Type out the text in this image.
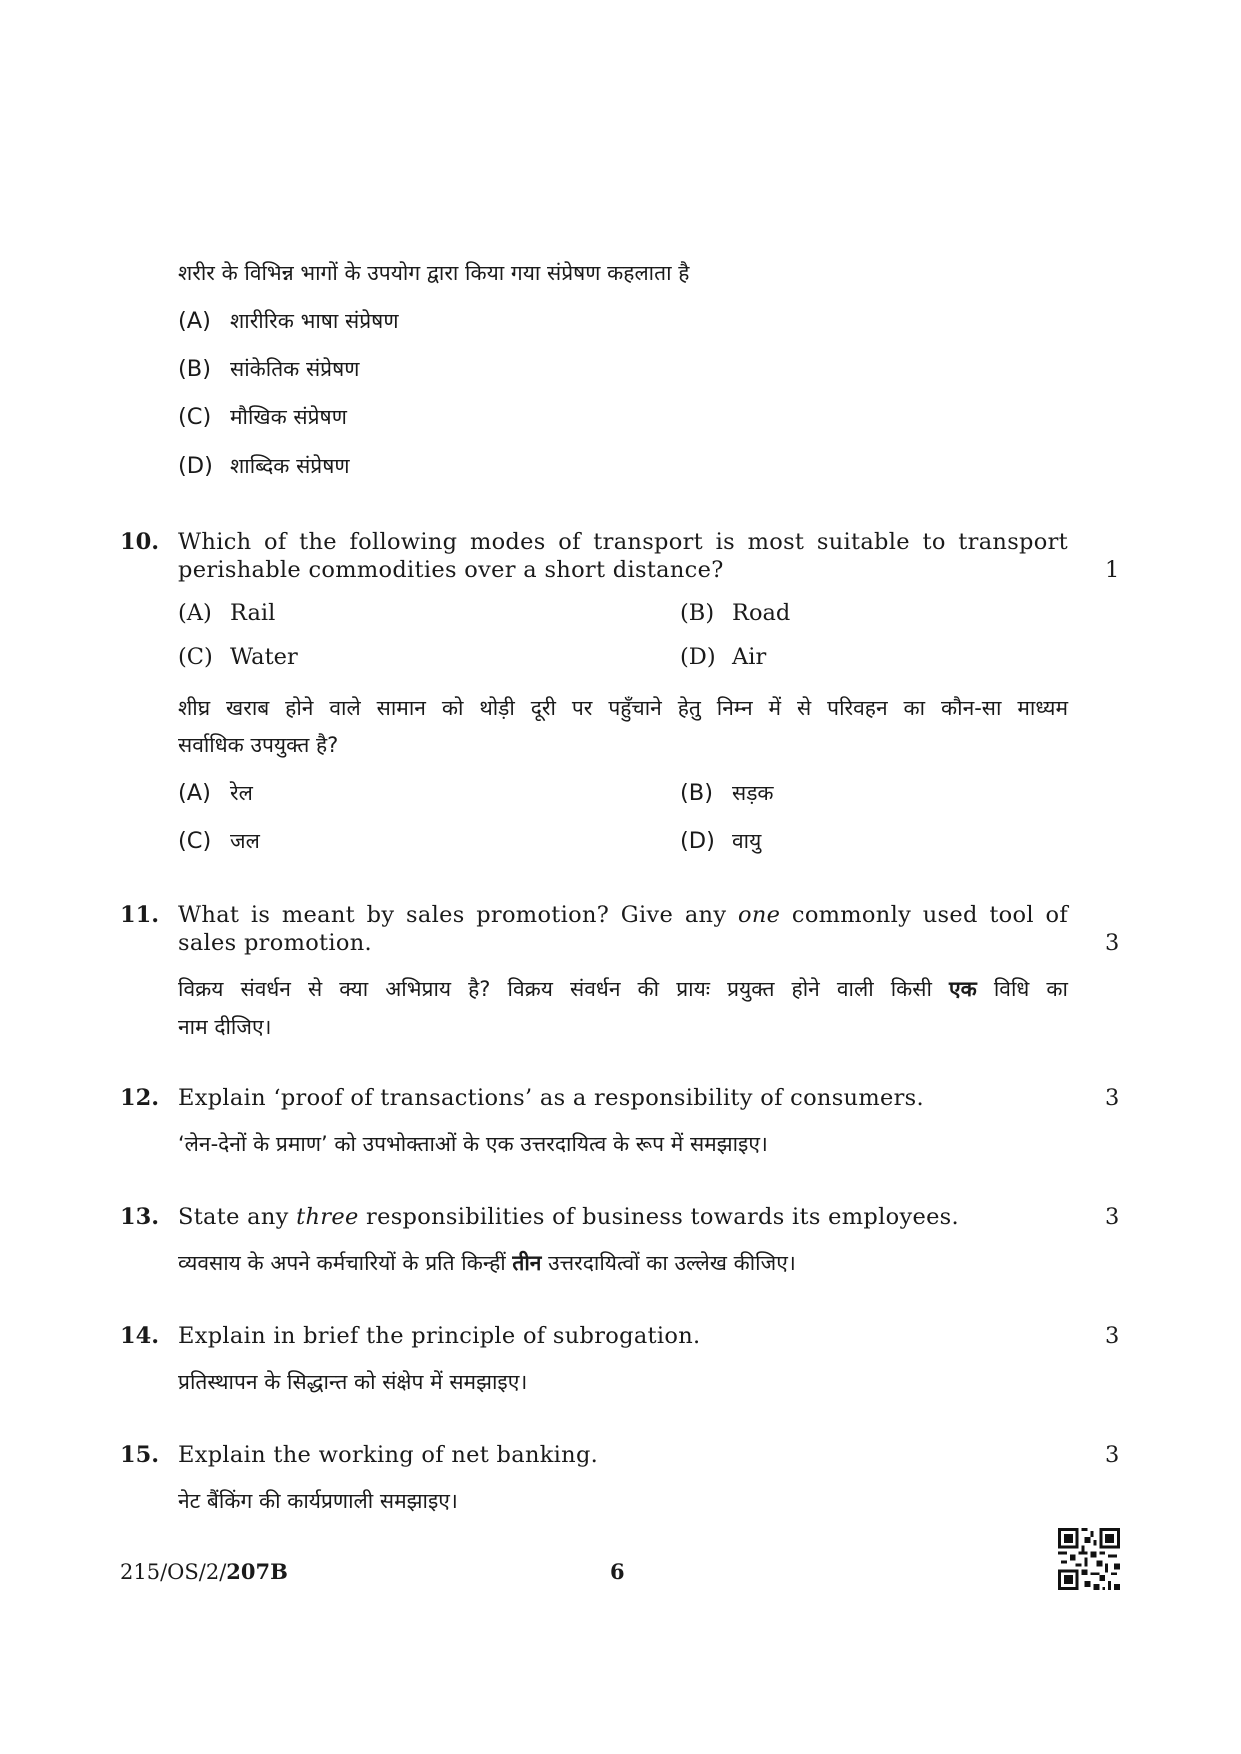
शरीर के विभिन्न भागों के उपयोग द्वारा किया गया संप्रेषण कहलाता है
(A) शारीरिक भाषा संप्रेषण
(B) सांकेतिक संप्रेषण
(C) मौखिक संप्रेषण
(D) शाब्दिक संप्रेषण
10. Which of the following modes of transport is most suitable to transport
perishable commodities over a short distance?	1
(A) Rail	(B) Road
(C) Water	(D) Air
शीघ्र खराब होने वाले सामान को थोड़ी दूरी पर पहुँचाने हेतु निम्न में से परिवहन का कौन-सा माध्यम
सर्वाधिक उपयुक्त है?
(A) रेल	(B) सड़क
(C) जल	(D) वायु
11. What is meant by sales promotion? Give any one commonly used tool of
sales promotion.	3
विक्रय संवर्धन से क्या अभिप्राय है? विक्रय संवर्धन की प्रायः प्रयुक्त होने वाली किसी एक विधि का
नाम दीजिए।
12. Explain ‘proof of transactions’ as a responsibility of consumers.	3
‘लेन-देनों के प्रमाण’ को उपभोक्ताओं के एक उत्तरदायित्व के रूप में समझाइए।
13. State any three responsibilities of business towards its employees.	3
व्यवसाय के अपने कर्मचारियों के प्रति किन्हीं तीन उत्तरदायित्वों का उल्लेख कीजिए।
14. Explain in brief the principle of subrogation.	3
प्रतिस्थापन के सिद्धान्त को संक्षेप में समझाइए।
15. Explain the working of net banking.	3
नेट बैंकिंग की कार्यप्रणाली समझाइए।
215/OS/2/207B	6
